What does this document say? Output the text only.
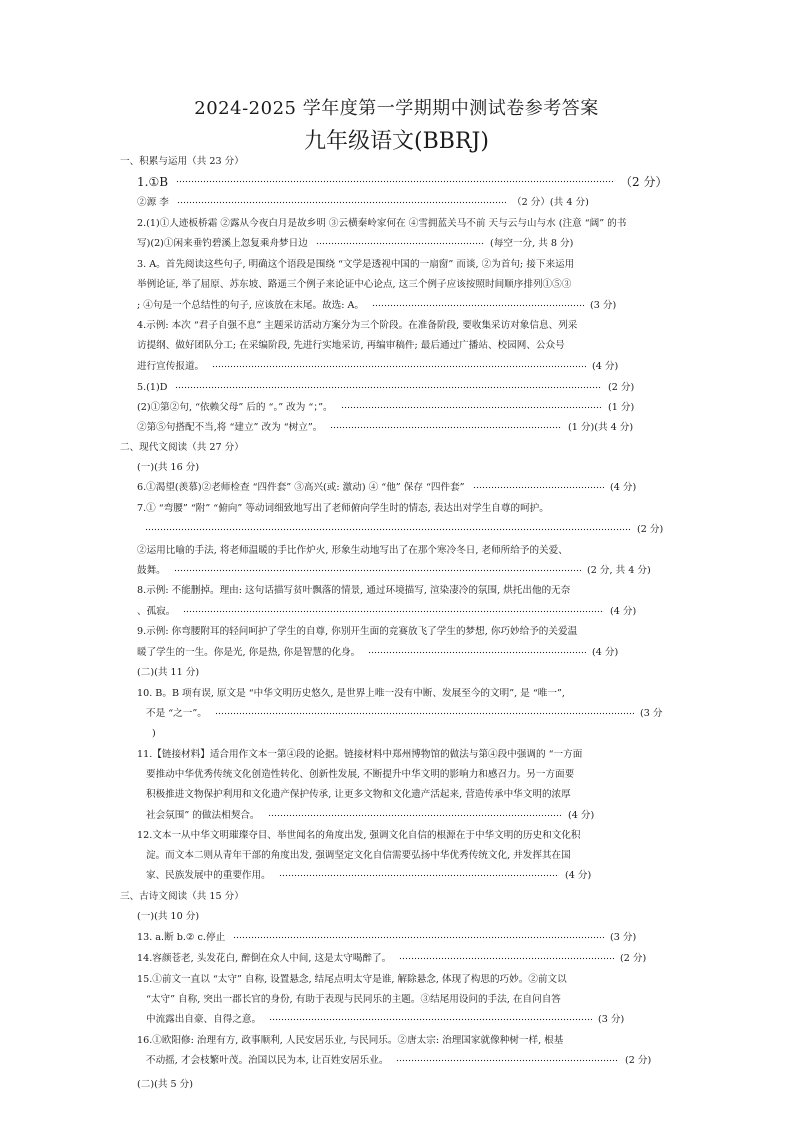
2024-2025 学年度第一学期期中测试卷参考答案
九年级语文(BBRJ)
一、积累与运用（共 23 分）
1.①B	（2 分）
②源 李	（2 分）(共 4 分)
2.(1)①人迹板桥霜 ②露从今夜白月是故乡明 ③云横秦岭家何在 ④雪拥蓝关马不前 天与云与山与水 (注意 “阔” 的书
写)(2)①闲来垂钓碧溪上忽复乘舟梦日边	(每空一分, 共 8 分)
3. A。首先阅读这些句子, 明确这个语段是围绕 “文学是透视中国的一扇窗” 而谈, ②为首句; 接下来运用
举例论证, 举了屈原、苏东坡、路遥三个例子来论证中心论点, 这三个例子应该按照时间顺序排列①⑤③
; ④句是一个总结性的句子, 应该放在末尾。故选: A。	(3 分)
4.示例: 本次 “君子自强不息” 主题采访活动方案分为三个阶段。在准备阶段, 要收集采访对象信息、列采
访提纲、做好团队分工; 在采编阶段, 先进行实地采访, 再编审稿件; 最后通过广播站、校园网、公众号
进行宣传报道。	(4 分)
5.(1)D	(2 分)
(2)①第②句, “依赖父母” 后的 “。” 改为 “；”。	(1 分)
②第⑤句搭配不当,将 “建立” 改为 “树立”。	(1 分)(共 4 分)
二、现代文阅读（共 27 分）
(一)(共 16 分)
6.①渴望(羡慕)②老师检查 “四件套” ③高兴(或: 激动) ④ “他” 保存 “四件套”	(4 分)
7.① “弯腰” “附” “俯向” 等动词细致地写出了老师俯向学生时的情态, 表达出对学生自尊的呵护。
(2 分)
②运用比喻的手法, 将老师温暖的手比作炉火, 形象生动地写出了在那个寒冷冬日, 老师所给予的关爱、
鼓舞。	(2 分, 共 4 分)
8.示例: 不能删掉。理由: 这句话描写贫叶飘落的情景, 通过环境描写, 渲染凄冷的氛围, 烘托出他的无奈
、孤寂。	(4 分)
9.示例: 你弯腰附耳的轻问呵护了学生的自尊, 你别开生面的竞赛放飞了学生的梦想, 你巧妙给予的关爱温
暖了学生的一生。你是光, 你是热, 你是智慧的化身。	(4 分)
(二)(共 11 分)
10. B。B 项有误, 原文是 “中华文明历史悠久, 是世界上唯一没有中断、发展至今的文明”, 是 “唯一”,
不是 “之一”。	(3 分
)
11.【链接材料】适合用作文本一第④段的论据。链接材料中郑州博物馆的做法与第④段中强调的 “一方面
要推动中华优秀传统文化创造性转化、创新性发展, 不断提升中华文明的影响力和感召力。另一方面要
积极推进文物保护利用和文化遗产保护传承, 让更多文物和文化遗产活起来, 营造传承中华文明的浓厚
社会氛围” 的做法相契合。	(4 分)
12.文本一从中华文明璀璨夺目、举世闻名的角度出发, 强调文化自信的根源在于中华文明的历史和文化积
淀。而文本二则从青年干部的角度出发, 强调坚定文化自信需要弘扬中华优秀传统文化, 并发挥其在国
家、民族发展中的重要作用。	(4 分)
三、古诗文阅读（共 15 分）
(一)(共 10 分)
13. a.断 b.② c.停止	(3 分)
14.容颜苍老, 头发花白, 醉倒在众人中间, 这是太守喝醉了。	(2 分)
15.①前文一直以 “太守” 自称, 设置悬念, 结尾点明太守是谁, 解除悬念, 体现了构思的巧妙。②前文以
“太守” 自称, 突出一郡长官的身份, 有助于表现与民同乐的主题。③结尾用设问的手法, 在自问自答
中流露出自豪、自得之意。	(3 分)
16.①欧阳修: 治理有方, 政事顺利, 人民安居乐业, 与民同乐。②唐太宗: 治理国家就像种树一样, 根基
不动摇, 才会枝繁叶茂。治国以民为本, 让百姓安居乐业。	(2 分)
(二)(共 5 分)
